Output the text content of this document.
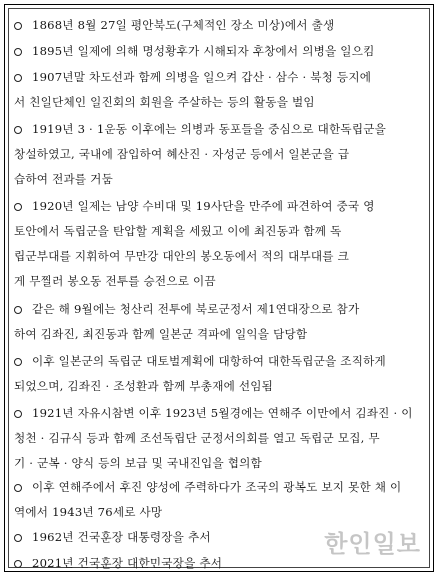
1868년 8월 27일 평안북도(구체적인 장소 미상)에서 출생
1895년 일제에 의해 명성황후가 시해되자 후창에서 의병을 일으킴
1907년말 차도선과 함께 의병을 일으켜 갑산 · 삼수 · 북청 등지에
서 친일단체인 일진회의 회원을 주살하는 등의 활동을 벌임
1919년 3 · 1운동 이후에는 의병과 동포들을 중심으로 대한독립군을
창설하였고, 국내에 잠입하여 혜산진 · 자성군 등에서 일본군을 급
습하여 전과를 거둠
1920년 일제는 남양 수비대 및 19사단을 만주에 파견하여 중국 영
토안에서 독립군을 탄압할 계획을 세웠고 이에 최진동과 함께 독
립군부대를 지휘하여 무만강 대안의 봉오동에서 적의 대부대를 크
게 무찔러 봉오동 전투를 승전으로 이끔
같은 해 9월에는 청산리 전투에 북로군정서 제1연대장으로 참가
하여 김좌진, 최진동과 함께 일본군 격파에 일익을 담당함
이후 일본군의 독립군 대토벌계획에 대항하여 대한독립군을 조직하게
되었으며, 김좌진 · 조성환과 함께 부총재에 선임됨
1921년 자유시참변 이후 1923년 5월경에는 연해주 이만에서 김좌진 · 이
청천 · 김규식 등과 함께 조선독립단 군정서의회를 열고 독립군 모집, 무
기 · 군복 · 양식 등의 보급 및 국내진입을 협의함
이후 연해주에서 후진 양성에 주력하다가 조국의 광복도 보지 못한 채 이
역에서 1943년 76세로 사망
1962년 건국훈장 대통령장을 추서
2021년 건국훈장 대한민국장을 추서
한인일보
